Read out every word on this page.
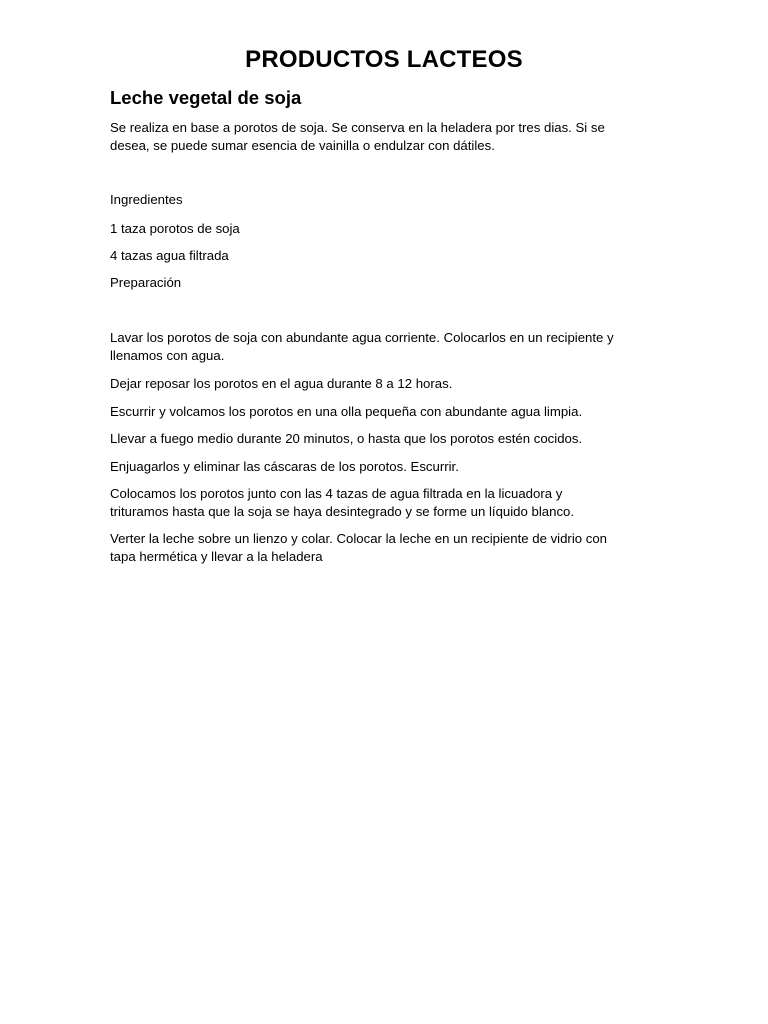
PRODUCTOS LACTEOS
Leche vegetal de soja

Se realiza en base a porotos de soja. Se conserva en la heladera por tres dias. Si se

desea, se puede sumar esencia de vainilla o endulzar con dátiles.

Ingredientes

1 taza porotos de soja

4 tazas agua filtrada

Preparación

Lavar los porotos de soja con abundante agua corriente. Colocarlos en un recipiente y

llenamos con agua.

Dejar reposar los porotos en el agua durante 8 a 12 horas.

Escurrir y volcamos los porotos en una olla pequeña con abundante agua limpia.

Llevar a fuego medio durante 20 minutos, o hasta que los porotos estén cocidos.

Enjuagarlos y eliminar las cáscaras de los porotos. Escurrir.

Colocamos los porotos junto con las 4 tazas de agua filtrada en la licuadora y

trituramos hasta que la soja se haya desintegrado y se forme un líquido blanco.

Verter la leche sobre un lienzo y colar. Colocar la leche en un recipiente de vidrio con

tapa hermética y llevar a la heladera
